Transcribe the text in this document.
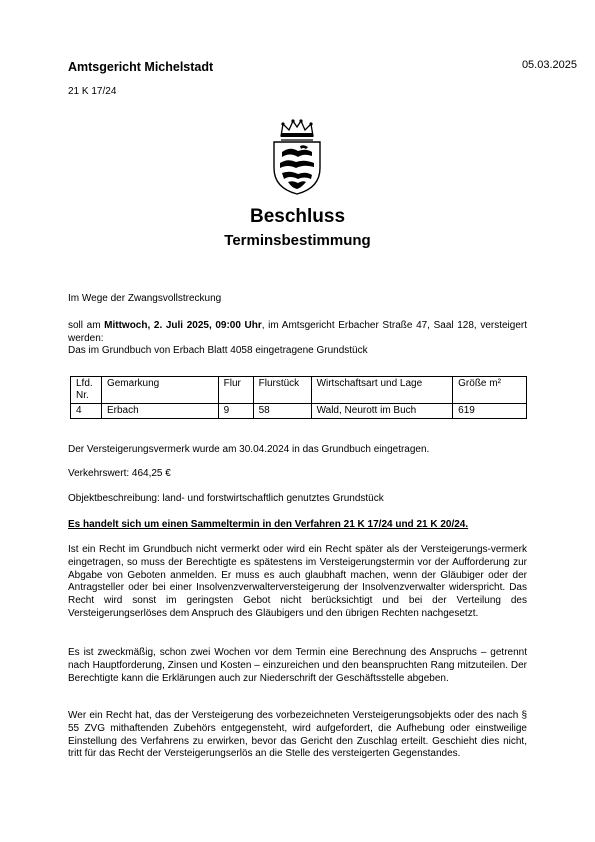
Amtsgericht Michelstadt	05.03.2025
21 K 17/24
Beschluss
Terminsbestimmung

Im Wege der Zwangsvollstreckung

soll am Mittwoch, 2. Juli 2025, 09:00 Uhr, im Amtsgericht Erbacher Straße 47, Saal 128, versteigert werden:

Das im Grundbuch von Erbach Blatt 4058 eingetragene Grundstück

Lfd. Nr.	Gemarkung	Flur	Flurstück	Wirtschaftsart und Lage	Größe m²
4	Erbach	9	58	Wald, Neurott im Buch	619

Der Versteigerungsvermerk wurde am 30.04.2024 in das Grundbuch eingetragen.

Verkehrswert: 464,25 €

Objektbeschreibung: land- und forstwirtschaftlich genutztes Grundstück

Es handelt sich um einen Sammeltermin in den Verfahren 21 K 17/24 und 21 K 20/24.

Ist ein Recht im Grundbuch nicht vermerkt oder wird ein Recht später als der Versteigerungs-vermerk eingetragen, so muss der Berechtigte es spätestens im Versteigerungstermin vor der Aufforderung zur Abgabe von Geboten anmelden. Er muss es auch glaubhaft machen, wenn der Gläubiger oder der Antragsteller oder bei einer Insolvenzverwalterversteigerung der Insolvenzverwalter widerspricht. Das Recht wird sonst im geringsten Gebot nicht berücksichtigt und bei der Verteilung des Versteigerungserlöses dem Anspruch des Gläubigers und den übrigen Rechten nachgesetzt.

Es ist zweckmäßig, schon zwei Wochen vor dem Termin eine Berechnung des Anspruchs – getrennt nach Hauptforderung, Zinsen und Kosten – einzureichen und den beanspruchten Rang mitzuteilen. Der Berechtigte kann die Erklärungen auch zur Niederschrift der Geschäftsstelle abgeben.

Wer ein Recht hat, das der Versteigerung des vorbezeichneten Versteigerungsobjekts oder des nach § 55 ZVG mithaftenden Zubehörs entgegensteht, wird aufgefordert, die Aufhebung oder einstweilige Einstellung des Verfahrens zu erwirken, bevor das Gericht den Zuschlag erteilt. Geschieht dies nicht, tritt für das Recht der Versteigerungserlös an die Stelle des versteigerten Gegenstandes.
